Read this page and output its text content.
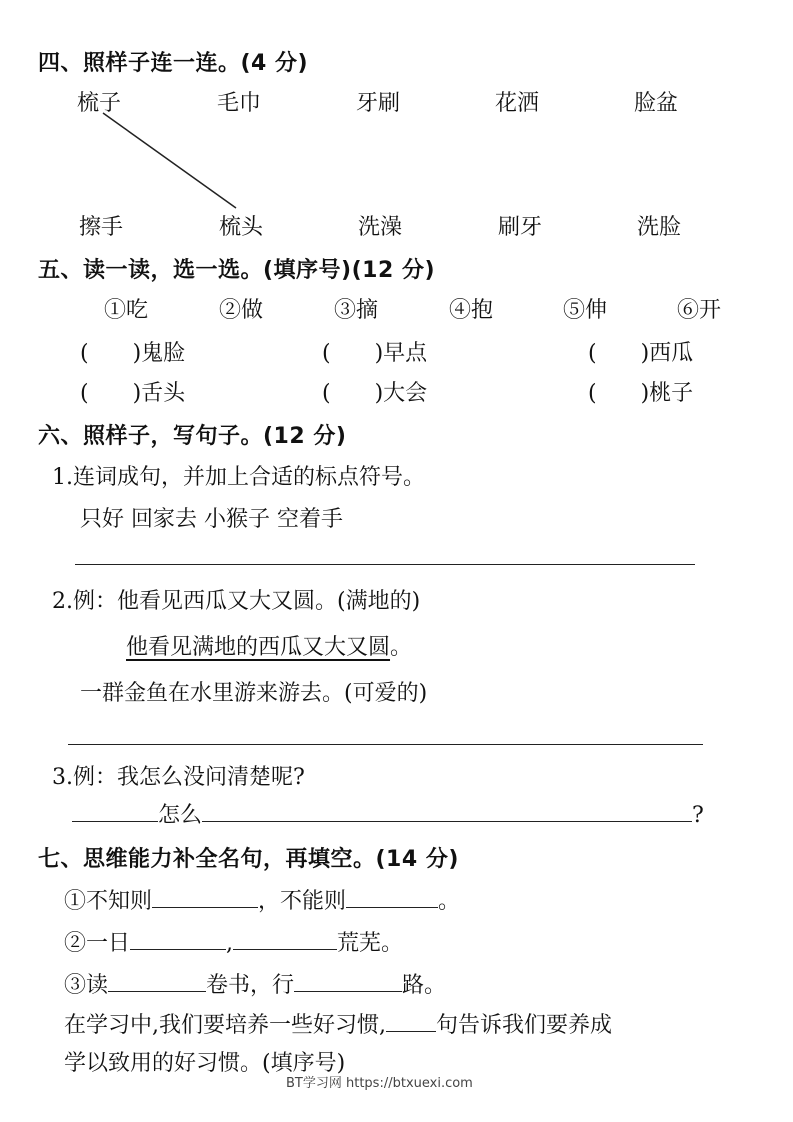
四、照样子连一连。(4 分)
梳子	毛巾	牙刷	花洒	脸盆
擦手	梳头	洗澡	刷牙	洗脸
五、读一读，选一选。(填序号)(12 分)
①吃	②做	③摘	④抱	⑤伸	⑥开
(　　)鬼脸	(　　)早点	(　　)西瓜
(　　)舌头	(　　)大会	(　　)桃子
六、照样子，写句子。(12 分)
1.连词成句，并加上合适的标点符号。
只好 回家去 小猴子 空着手
2.例：他看见西瓜又大又圆。(满地的)
他看见满地的西瓜又大又圆。
一群金鱼在水里游来游去。(可爱的)
3.例：我怎么没问清楚呢?
怎么	?
七、思维能力补全名句，再填空。(14 分)
①不知则	，不能则	。
②一日	,	荒芜。
③读	卷书，行	路。
在学习中,我们要培养一些好习惯, 句告诉我们要养成
学以致用的好习惯。(填序号)
BT学习网 https://btxuexi.com
